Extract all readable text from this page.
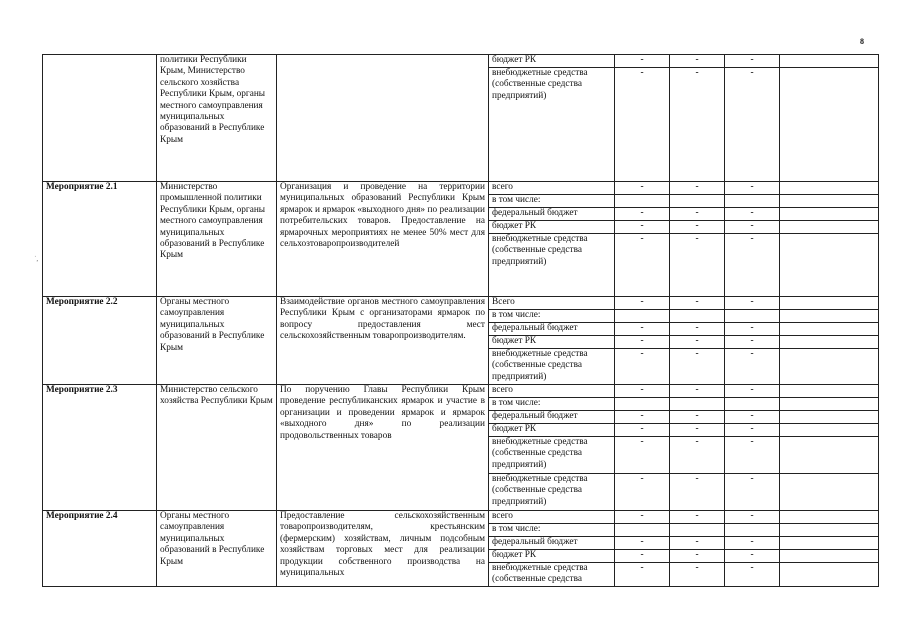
8
ˈ,
	политики Республики Крым, Министерство сельского хозяйства Республики Крым, органы местного самоуправления муниципальных образований в Республике Крым		бюджет РК	-	-	-	
			внебюджетные средства (собственные средства предприятий)	-	-	-	
Мероприятие 2.1	Министерство промышленной политики Республики Крым, органы местного самоуправления муниципальных образований в Республике Крым	Организация и проведение на территории муниципальных образований Республики Крым ярмарок и ярмарок «выходного дня» по реализации потребительских товаров. Предоставление на ярмарочных мероприятиях не менее 50% мест для сельхозтоваропроизводителей	всего	-	-	-	
			в том числе:				
			федеральный бюджет	-	-	-	
			бюджет РК	-	-	-	
			внебюджетные средства (собственные средства предприятий)	-	-	-	
Мероприятие 2.2	Органы местного самоуправления муниципальных образований в Республике Крым	Взаимодействие органов местного самоуправления Республики Крым с организаторами ярмарок по вопросу предоставления мест сельскохозяйственным товаропроизводителям.	Всего	-	-	-	
			в том числе:				
			федеральный бюджет	-	-	-	
			бюджет РК	-	-	-	
			внебюджетные средства (собственные средства предприятий)	-	-	-	
Мероприятие 2.3	Министерство сельского хозяйства Республики Крым	По поручению Главы Республики Крым проведение республиканских ярмарок и участие в организации и проведении ярмарок и ярмарок «выходного дня» по реализации продовольственных товаров	всего	-	-	-	
			в том числе:				
			федеральный бюджет	-	-	-	
			бюджет РК	-	-	-	
			внебюджетные средства (собственные средства предприятий)	-	-	-	
			внебюджетные средства (собственные средства предприятий)	-	-	-	
Мероприятие 2.4	Органы местного самоуправления муниципальных образований в Республике Крым	Предоставление сельскохозяйственным товаропроизводителям, крестьянским (фермерским) хозяйствам, личным подсобным хозяйствам торговых мест для реализации продукции собственного производства на муниципальных	всего	-	-	-	
			в том числе:				
			федеральный бюджет	-	-	-	
			бюджет РК	-	-	-	
			внебюджетные средства (собственные средства	-	-	-	
